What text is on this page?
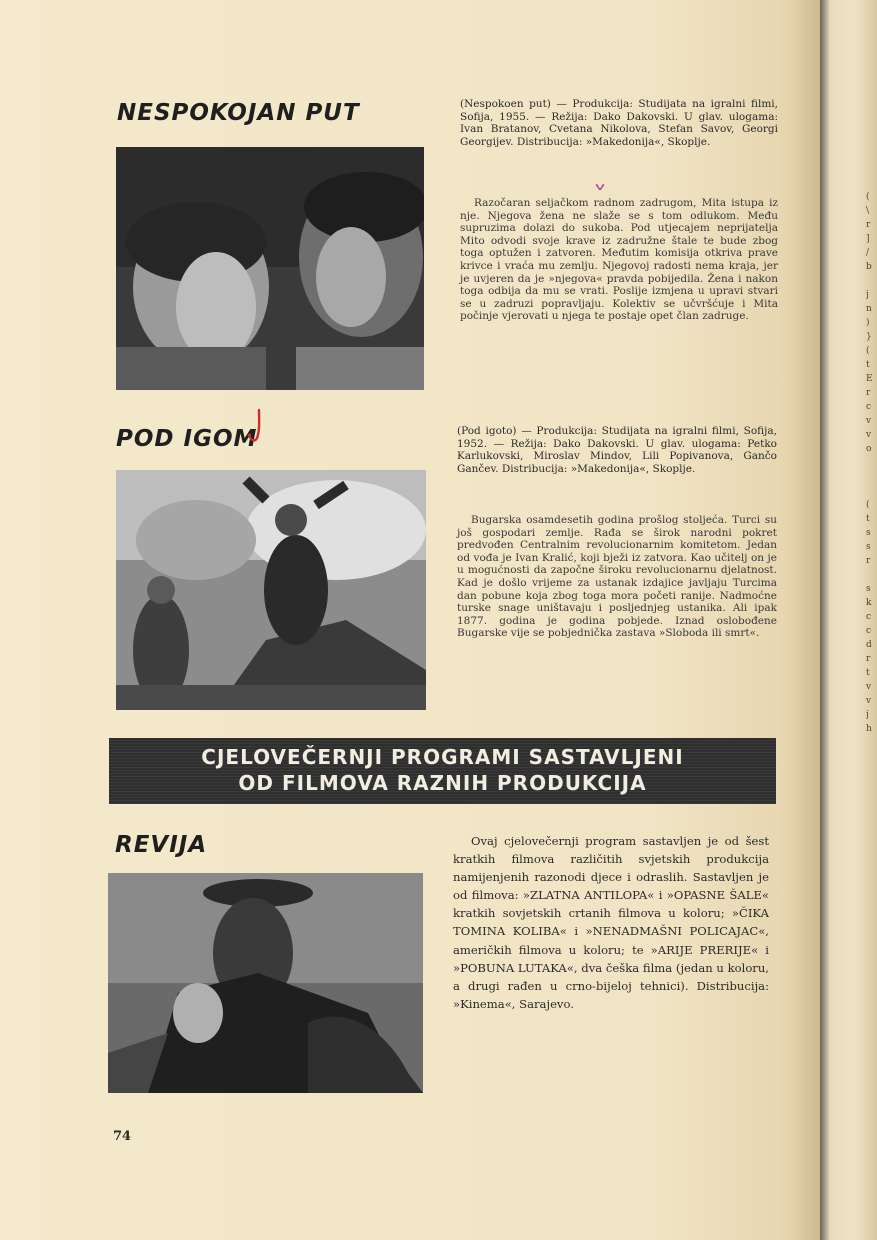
(
\
r
]
/
b

j
n
)
}
(
t
E
r
c
v
v
o

(
t
s
s
r

s
k
c
c
d
r
t
v
v
j
h
NESPOKOJAN PUT	(Nespokoen put) — Produkcija: Studijata na igralni filmi, Sofija, 1955. — Režija: Dako Dakovski. U glav. ulogama: Ivan Bratanov, Cvetana Nikolova, Stefan Savov, Georgi Georgijev. Distribucija: »Makedonija«, Skoplje.

Razočaran seljačkom radnom zadrugom, Mita istupa iz nje. Njegova žena ne slaže se s tom odlukom. Među supruzima dolazi do sukoba. Pod utjecajem neprijatelja Mito odvodi svoje krave iz zadružne štale te bude zbog toga optužen i zatvoren. Međutim komisija otkriva prave krivce i vraća mu zemlju. Njegovoj radosti nema kraja, jer je uvjeren da je »njegova« pravda pobijedila. Žena i nakon toga odbija da mu se vrati. Poslije izmjena u upravi stvari se u zadruzi popravljaju. Kolektiv se učvršćuje i Mita počinje vjerovati u njega te postaje opet član zadruge.

POD IGOM	(Pod igoto) — Produkcija: Studijata na igralni filmi, Sofija, 1952. — Režija: Dako Dakovski. U glav. ulogama: Petko Karlukovski, Miroslav Mindov, Lili Popivanova, Gančo Gančev. Distribucija: »Makedonija«, Skoplje.

Bugarska osamdesetih godina prošlog stoljeća. Turci su još gospodari zemlje. Rađa se širok narodni pokret predvođen Centralnim revolucionarnim komitetom. Jedan od vođa je Ivan Kralić, koji bježi iz zatvora. Kao učitelj on je u mogućnosti da započne široku revolucionarnu djelatnost. Kad je došlo vrijeme za ustanak izdajice javljaju Turcima dan pobune koja zbog toga mora početi ranije. Nadmoćne turske snage uništavaju i posljednjeg ustanika. Ali ipak 1877. godina je godina pobjede. Iznad oslobođene Bugarske vije se pobjednička zastava »Sloboda ili smrt«.

CJELOVEČERNJI PROGRAMI SASTAVLJENI
OD FILMOVA RAZNIH PRODUKCIJA
REVIJA	Ovaj cjelovečernji program sastavljen je od šest kratkih filmova različitih svjetskih produkcija namijenjenih razonodi djece i odraslih. Sastavljen je od filmova: »ZLATNA ANTILOPA« i »OPASNE ŠALE« kratkih sovjetskih crtanih filmova u koloru; »ČIKA TOMINA KOLIBA« i »NENADMAŠNI POLICAJAC«, američkih filmova u koloru; te »ARIJE PRERIJE« i »POBUNA LUTAKA«, dva češka filma (jedan u koloru, a drugi rađen u crno-bijeloj tehnici). Distribucija: »Kinema«, Sarajevo.

74
